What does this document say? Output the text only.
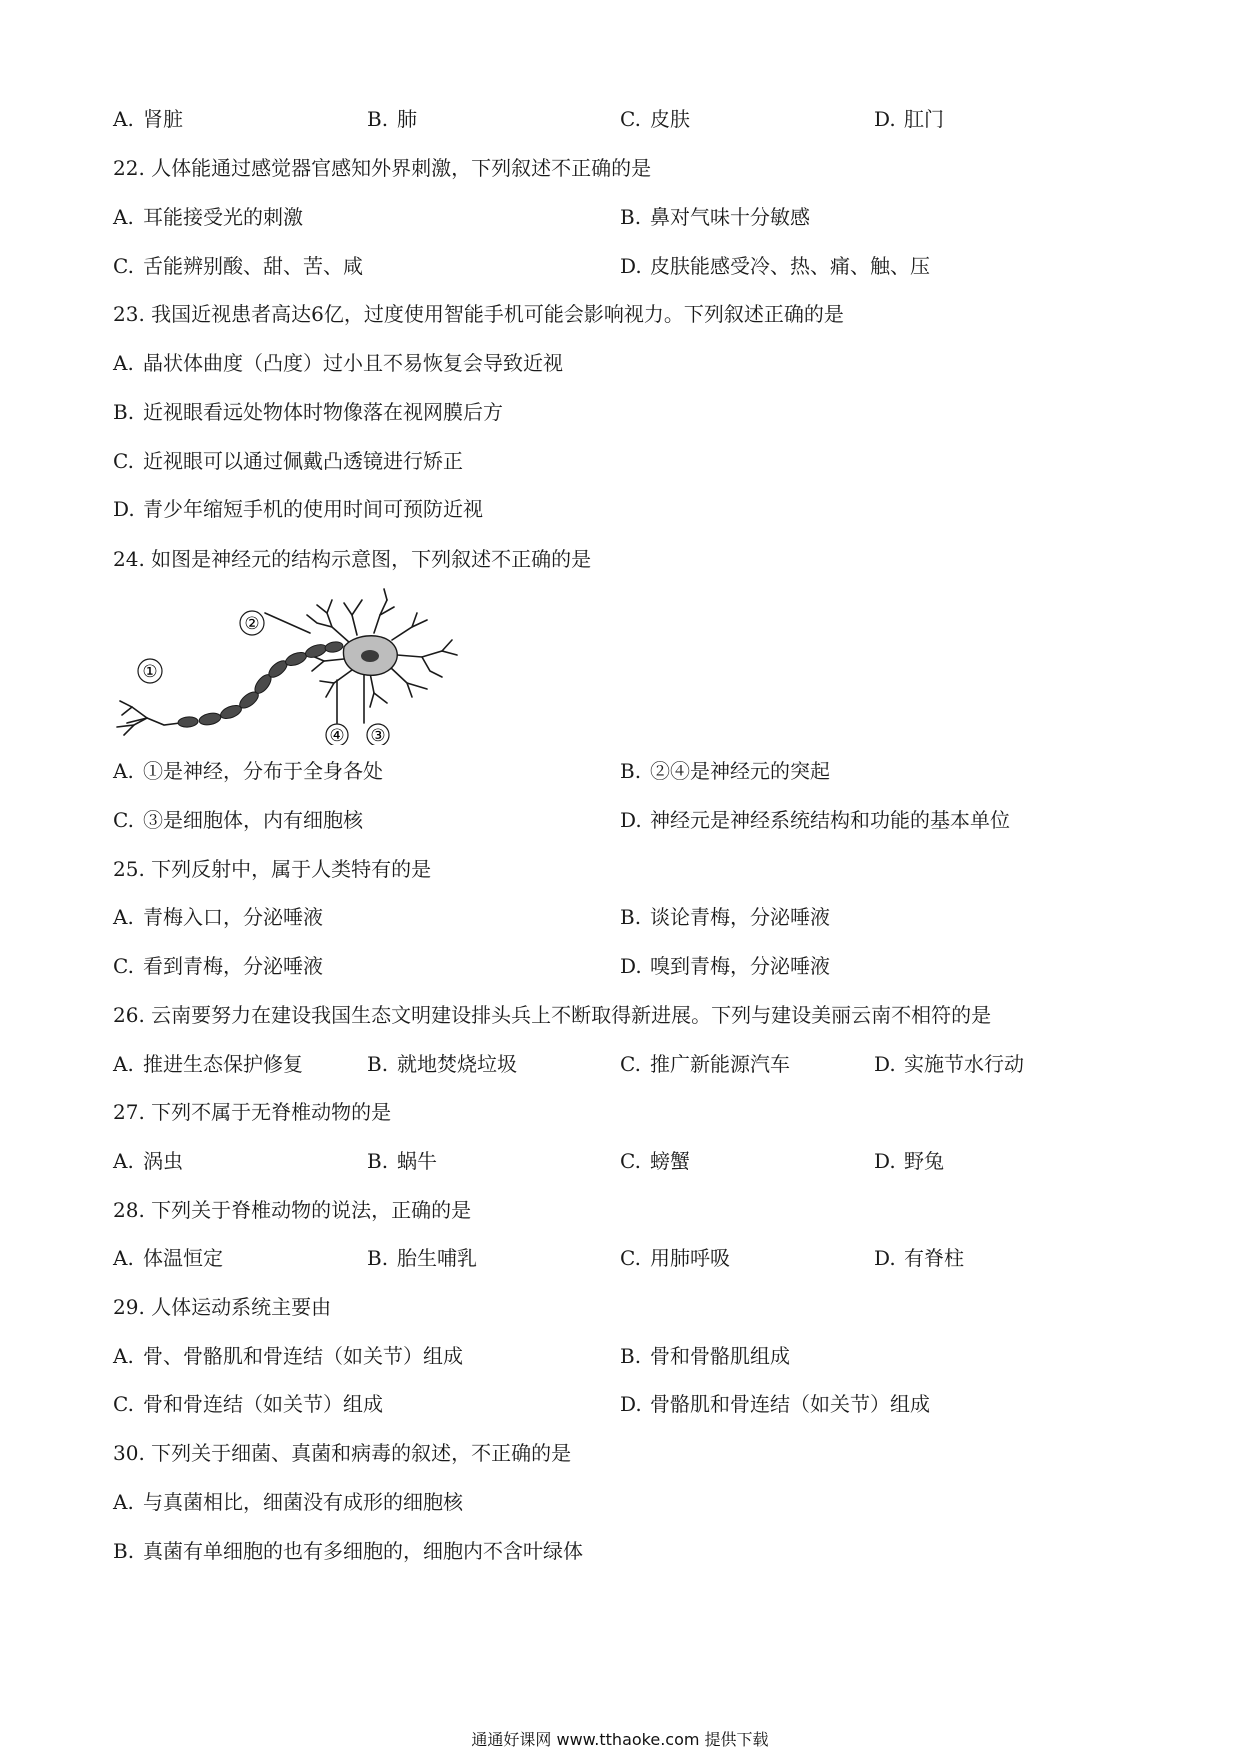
A. 肾脏	B. 肺	C. 皮肤	D. 肛门
22. 人体能通过感觉器官感知外界刺激，下列叙述不正确的是
A. 耳能接受光的刺激	B. 鼻对气味十分敏感
C. 舌能辨别酸、甜、苦、咸	D. 皮肤能感受冷、热、痛、触、压
23. 我国近视患者高达6亿，过度使用智能手机可能会影响视力。下列叙述正确的是
A. 晶状体曲度（凸度）过小且不易恢复会导致近视
B. 近视眼看远处物体时物像落在视网膜后方
C. 近视眼可以通过佩戴凸透镜进行矫正
D. 青少年缩短手机的使用时间可预防近视
24. 如图是神经元的结构示意图，下列叙述不正确的是
①
②
④ ③
A. ①是神经，分布于全身各处	B. ②④是神经元的突起
C. ③是细胞体，内有细胞核	D. 神经元是神经系统结构和功能的基本单位
25. 下列反射中，属于人类特有的是
A. 青梅入口，分泌唾液	B. 谈论青梅，分泌唾液
C. 看到青梅，分泌唾液	D. 嗅到青梅，分泌唾液
26. 云南要努力在建设我国生态文明建设排头兵上不断取得新进展。下列与建设美丽云南不相符的是
A. 推进生态保护修复	B. 就地焚烧垃圾	C. 推广新能源汽车	D. 实施节水行动
27. 下列不属于无脊椎动物的是
A. 涡虫	B. 蜗牛	C. 螃蟹	D. 野兔
28. 下列关于脊椎动物的说法，正确的是
A. 体温恒定	B. 胎生哺乳	C. 用肺呼吸	D. 有脊柱
29. 人体运动系统主要由
A. 骨、骨骼肌和骨连结（如关节）组成	B. 骨和骨骼肌组成
C. 骨和骨连结（如关节）组成	D. 骨骼肌和骨连结（如关节）组成
30. 下列关于细菌、真菌和病毒的叙述，不正确的是
A. 与真菌相比，细菌没有成形的细胞核
B. 真菌有单细胞的也有多细胞的，细胞内不含叶绿体
通通好课网 www.tthaoke.com 提供下载
